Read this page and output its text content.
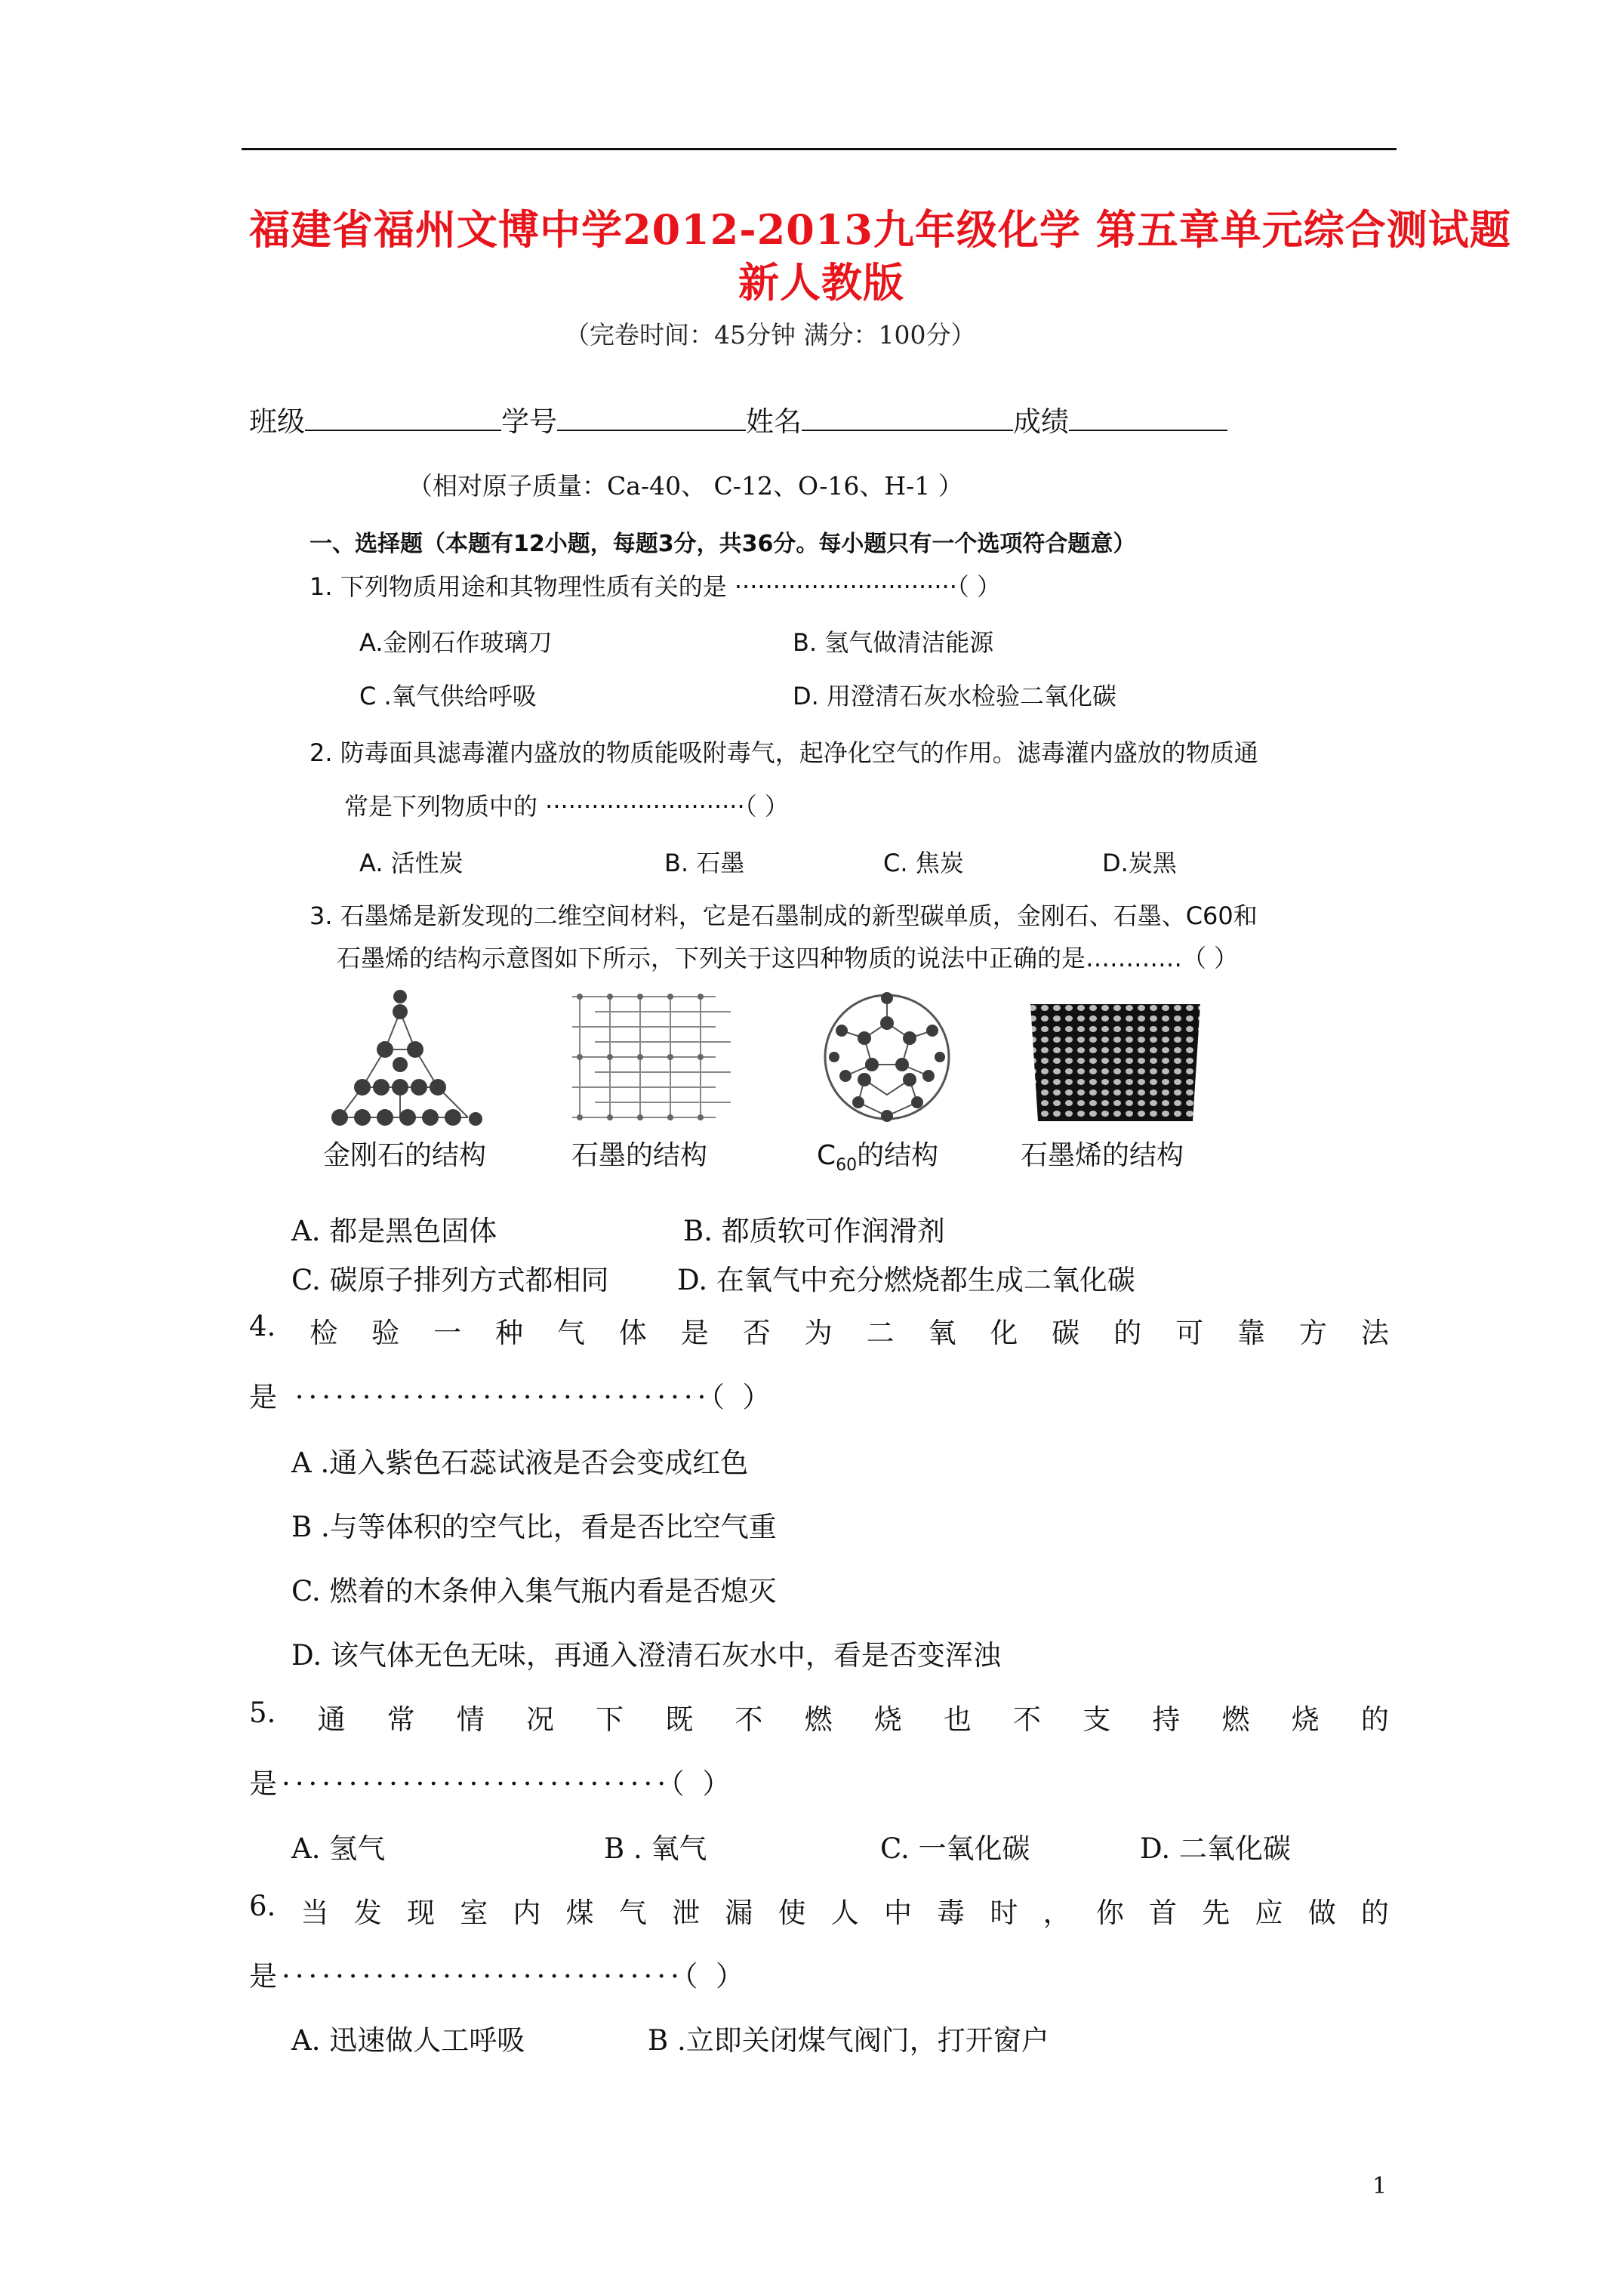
福建省福州文博中学2012-2013九年级化学 第五章单元综合测试题
新人教版
（完卷时间：45分钟 满分：100分）
班级	学号	姓名	成绩
（相对原子质量：Ca-40、 C-12、O-16、H-1 ）
一、选择题（本题有12小题，每题3分，共36分。每小题只有一个选项符合题意）
1. 下列物质用途和其物理性质有关的是 ·····························（ ）
A.金刚石作玻璃刀	B. 氢气做清洁能源
C .氧气供给呼吸	D. 用澄清石灰水检验二氧化碳
2. 防毒面具滤毒灌内盛放的物质能吸附毒气，起净化空气的作用。滤毒灌内盛放的物质通
常是下列物质中的 ··························（ ）
A. 活性炭	B. 石墨	C. 焦炭	D.炭黑
3. 石墨烯是新发现的二维空间材料，它是石墨制成的新型碳单质，金刚石、石墨、C60和
石墨烯的结构示意图如下所示，下列关于这四种物质的说法中正确的是…………（ ）
金刚石的结构	石墨的结构	$C_{60}$的结构	石墨烯的结构
A. 都是黑色固体	B. 都质软可作润滑剂
C. 碳原子排列方式都相同 D. 在氧气中充分燃烧都生成二氧化碳
4. 检 验 一 种 气 体 是 否 为 二 氧 化 碳 的 可 靠 方 法
是 ·······························（ ）
A .通入紫色石蕊试液是否会变成红色
B .与等体积的空气比，看是否比空气重
C. 燃着的木条伸入集气瓶内看是否熄灭
D. 该气体无色无味，再通入澄清石灰水中，看是否变浑浊
5. 通 常 情 况 下 既 不 燃 烧 也 不 支 持 燃 烧 的
是·····························（ ）
A. 氢气	B . 氧气	C. 一氧化碳	D. 二氧化碳
6. 当 发 现 室 内 煤 气 泄 漏 使 人 中 毒 时 ， 你 首 先 应 做 的
是······························（ ）
A. 迅速做人工呼吸	B .立即关闭煤气阀门，打开窗户
1
